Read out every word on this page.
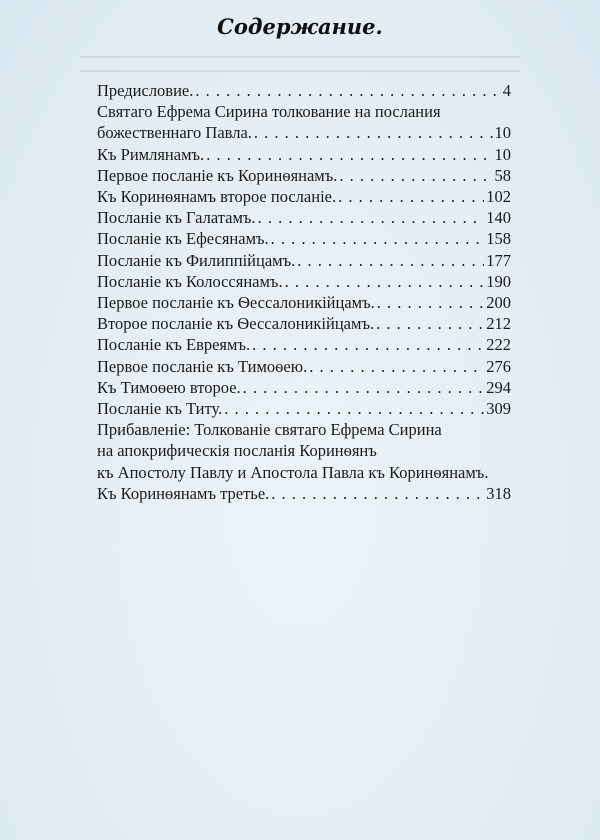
Содержание.
Предисловие. . . .	4
Святаго Ефрема Сирина толкование на послания
божественнаго Павла. . . .	10
Къ Римлянамъ. . . .	10
Первое посланіе къ Коринѳянамъ. . . .	58
Къ Коринѳянамъ второе посланіе. . . .	102
Посланіе къ Галатамъ. . . .	140
Посланіе къ Ефесянамъ. . . .	158
Посланіе къ Филиппійцамъ. . . .	177
Посланіе къ Колоссянамъ. . . .	190
Первое посланіе къ Ѳессалоникійцамъ. . . .	200
Второе посланіе къ Ѳессалоникійцамъ. . . .	212
Посланіе къ Евреямъ. . . .	222
Первое посланіе къ Тимоѳею. . . .	276
Къ Тимоѳею второе. . . .	294
Посланіе къ Титу. . . .	309
Прибавленіе: Толкованіе святаго Ефрема Сирина
на апокрифическія посланія Коринѳянъ
къ Апостолу Павлу и Апостола Павла къ Коринѳянамъ.
Къ Коринѳянамъ третье. . . .	318
